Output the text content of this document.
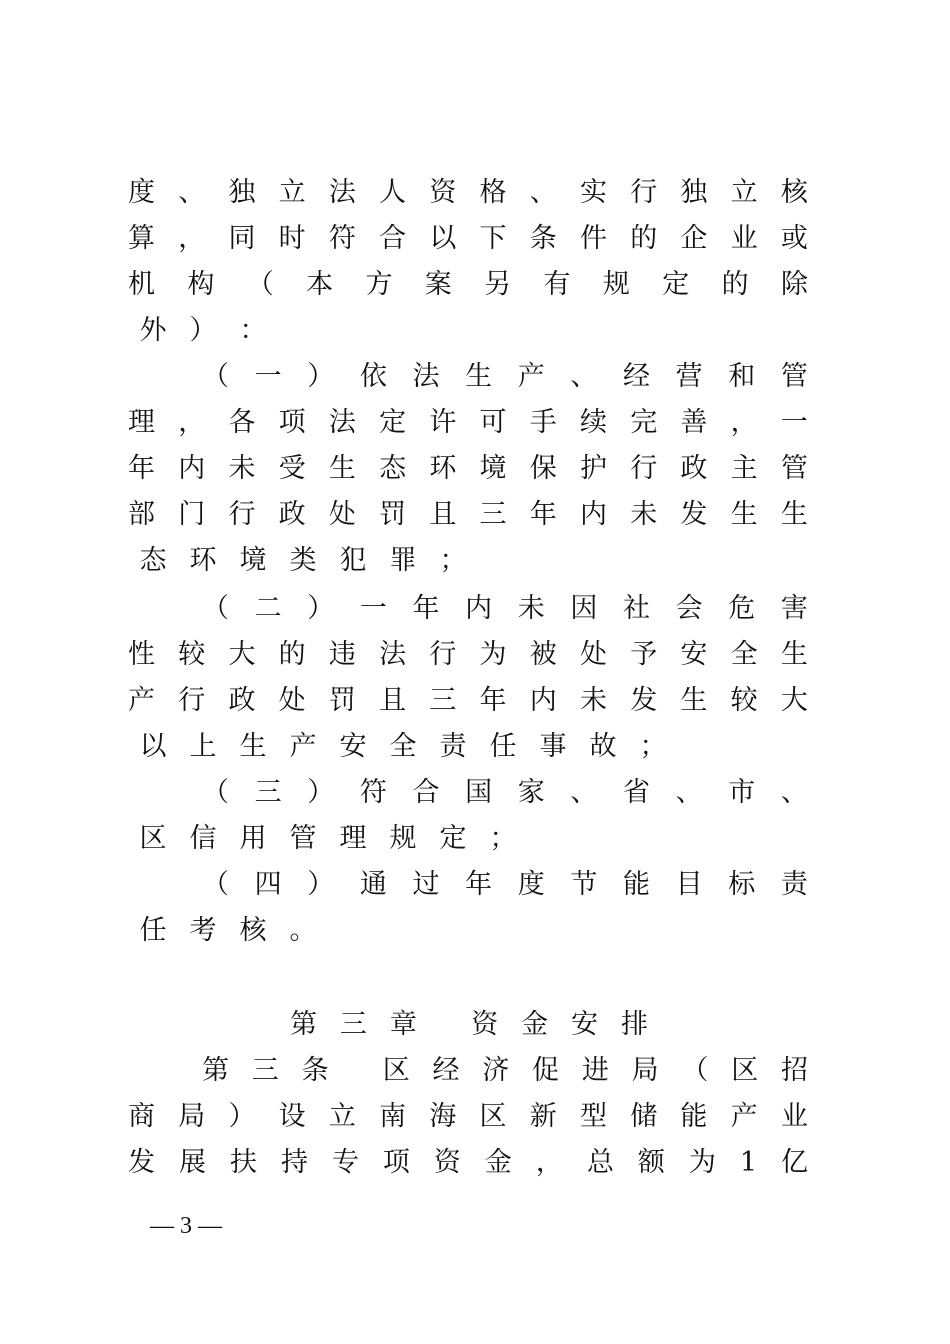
度 、 独 立 法 人 资 格 、 实 行 独 立 核
算 ， 同 时 符 合 以 下 条 件 的 企 业 或
机 构 （ 本 方 案 另 有 规 定 的 除
外 ） ：
（ 一 ） 依 法 生 产 、 经 营 和 管
理 ， 各 项 法 定 许 可 手 续 完 善 ， 一
年 内 未 受 生 态 环 境 保 护 行 政 主 管
部 门 行 政 处 罚 且 三 年 内 未 发 生 生
态 环 境 类 犯 罪 ；
（ 二 ） 一 年 内 未 因 社 会 危 害
性 较 大 的 违 法 行 为 被 处 予 安 全 生
产 行 政 处 罚 且 三 年 内 未 发 生 较 大
以 上 生 产 安 全 责 任 事 故 ；
（ 三 ） 符 合 国 家 、 省 、 市 、
区 信 用 管 理 规 定 ；
（ 四 ） 通 过 年 度 节 能 目 标 责
任 考 核 。
第 三 章
资 金 安 排
第 三 条
区 经 济 促 进 局 （ 区 招
商 局 ） 设 立 南 海 区 新 型 储 能 产 业
发 展 扶 持 专 项 资 金 ， 总 额 为 1 亿
— 3 —
